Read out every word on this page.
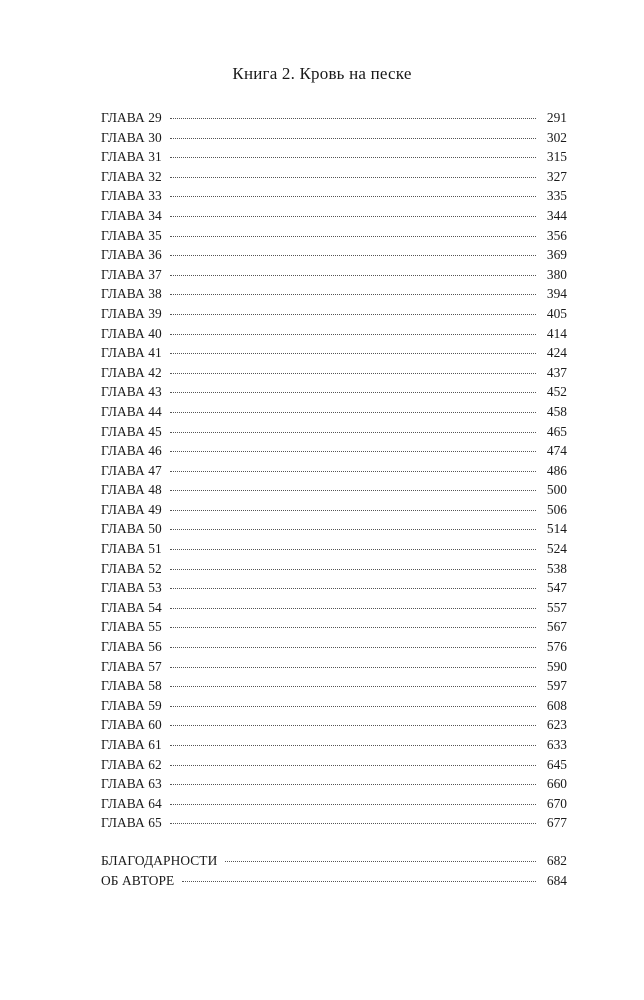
Книга 2. Кровь на песке
ГЛАВА 29	291
ГЛАВА 30	302
ГЛАВА 31	315
ГЛАВА 32	327
ГЛАВА 33	335
ГЛАВА 34	344
ГЛАВА 35	356
ГЛАВА 36	369
ГЛАВА 37	380
ГЛАВА 38	394
ГЛАВА 39	405
ГЛАВА 40	414
ГЛАВА 41	424
ГЛАВА 42	437
ГЛАВА 43	452
ГЛАВА 44	458
ГЛАВА 45	465
ГЛАВА 46	474
ГЛАВА 47	486
ГЛАВА 48	500
ГЛАВА 49	506
ГЛАВА 50	514
ГЛАВА 51	524
ГЛАВА 52	538
ГЛАВА 53	547
ГЛАВА 54	557
ГЛАВА 55	567
ГЛАВА 56	576
ГЛАВА 57	590
ГЛАВА 58	597
ГЛАВА 59	608
ГЛАВА 60	623
ГЛАВА 61	633
ГЛАВА 62	645
ГЛАВА 63	660
ГЛАВА 64	670
ГЛАВА 65	677
БЛАГОДАРНОСТИ	682
ОБ АВТОРЕ	684
